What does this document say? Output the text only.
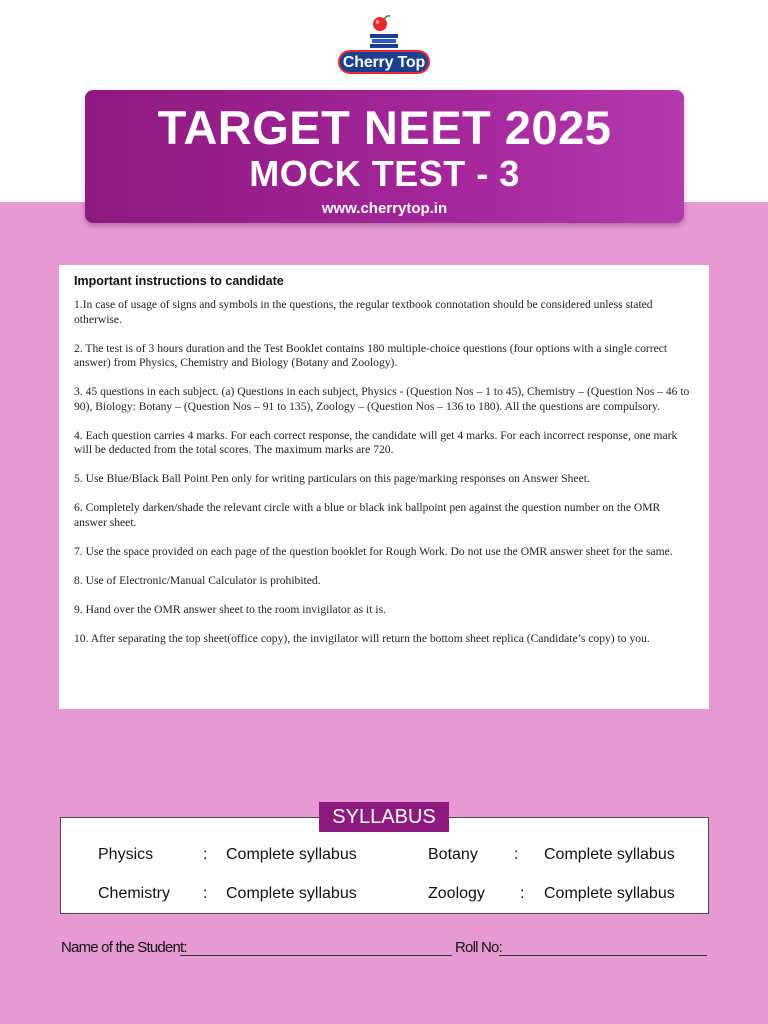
Cherry Top
TARGET NEET 2025
MOCK TEST - 3
www.cherrytop.in
Important instructions to candidate
1.In case of usage of signs and symbols in the questions, the regular textbook connotation should be considered unless stated otherwise.
2. The test is of 3 hours duration and the Test Booklet contains 180 multiple-choice questions (four options with a single correct answer) from Physics, Chemistry and Biology (Botany and Zoology).
3. 45 questions in each subject. (a) Questions in each subject, Physics - (Question Nos – 1 to 45), Chemistry – (Question Nos – 46 to 90), Biology: Botany – (Question Nos – 91 to 135), Zoology – (Question Nos – 136 to 180). All the questions are compulsory.
4. Each question carries 4 marks. For each correct response, the candidate will get 4 marks. For each incorrect response, one mark will be deducted from the total scores. The maximum marks are 720.
5. Use Blue/Black Ball Point Pen only for writing particulars on this page/marking responses on Answer Sheet.
6. Completely darken/shade the relevant circle with a blue or black ink ballpoint pen against the question number on the OMR answer sheet.
7. Use the space provided on each page of the question booklet for Rough Work. Do not use the OMR answer sheet for the same.
8. Use of Electronic/Manual Calculator is prohibited.
9. Hand over the OMR answer sheet to the room invigilator as it is.
10. After separating the top sheet(office copy), the invigilator will return the bottom sheet replica (Candidate’s copy) to you.
Physics	: Complete syllabus	Botany : Complete syllabus
Chemistry : Complete syllabus	Zoology : Complete syllabus
SYLLABUS
Name of the Student:	Roll No:
